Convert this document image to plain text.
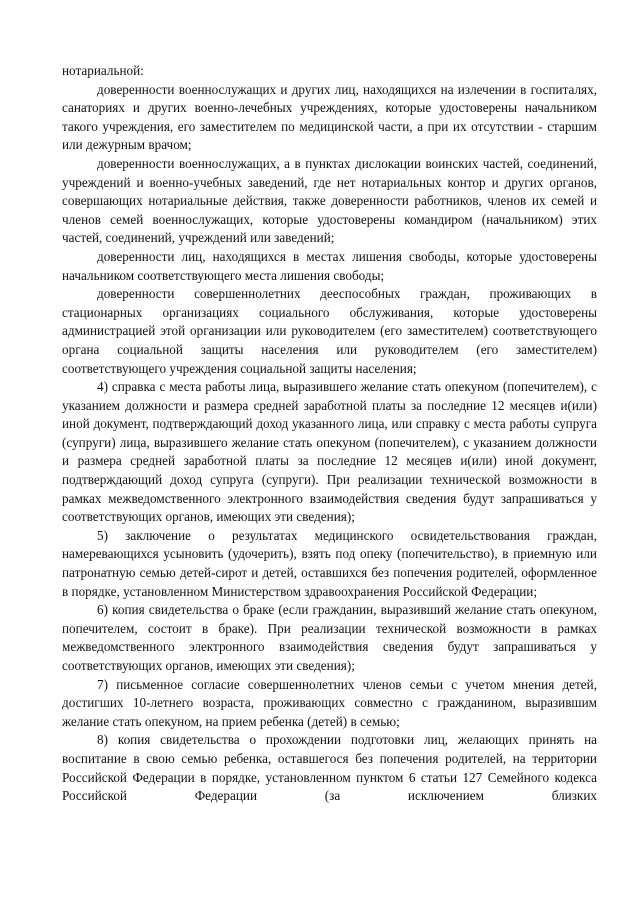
нотариальной:

доверенности военнослужащих и других лиц, находящихся на излечении в госпиталях, санаториях и других военно-лечебных учреждениях, которые удостоверены начальником такого учреждения, его заместителем по медицинской части, а при их отсутствии - старшим или дежурным врачом;

доверенности военнослужащих, а в пунктах дислокации воинских частей, соединений, учреждений и военно-учебных заведений, где нет нотариальных контор и других органов, совершающих нотариальные действия, также доверенности работников, членов их семей и членов семей военнослужащих, которые удостоверены командиром (начальником) этих частей, соединений, учреждений или заведений;

доверенности лиц, находящихся в местах лишения свободы, которые удостоверены начальником соответствующего места лишения свободы;

доверенности совершеннолетних дееспособных граждан, проживающих в стационарных организациях социального обслуживания, которые удостоверены администрацией этой организации или руководителем (его заместителем) соответствующего органа социальной защиты населения или руководителем (его заместителем) соответствующего учреждения социальной защиты населения;

4) справка с места работы лица, выразившего желание стать опекуном (попечителем), с указанием должности и размера средней заработной платы за последние 12 месяцев и(или) иной документ, подтверждающий доход указанного лица, или справку с места работы супруга (супруги) лица, выразившего желание стать опекуном (попечителем), с указанием должности и размера средней заработной платы за последние 12 месяцев и(или) иной документ, подтверждающий доход супруга (супруги). При реализации технической возможности в рамках межведомственного электронного взаимодействия сведения будут запрашиваться у соответствующих органов, имеющих эти сведения);

5) заключение о результатах медицинского освидетельствования граждан, намеревающихся усыновить (удочерить), взять под опеку (попечительство), в приемную или патронатную семью детей-сирот и детей, оставшихся без попечения родителей, оформленное в порядке, установленном Министерством здравоохранения Российской Федерации;

6) копия свидетельства о браке (если гражданин, выразивший желание стать опекуном, попечителем, состоит в браке). При реализации технической возможности в рамках межведомственного электронного взаимодействия сведения будут запрашиваться у соответствующих органов, имеющих эти сведения);

7) письменное согласие совершеннолетних членов семьи с учетом мнения детей, достигших 10-летнего возраста, проживающих совместно с гражданином, выразившим желание стать опекуном, на прием ребенка (детей) в семью;

8) копия свидетельства о прохождении подготовки лиц, желающих принять на воспитание в свою семью ребенка, оставшегося без попечения родителей, на территории Российской Федерации в порядке, установленном пунктом 6 статьи 127 Семейного кодекса Российской Федерации (за исключением близких
